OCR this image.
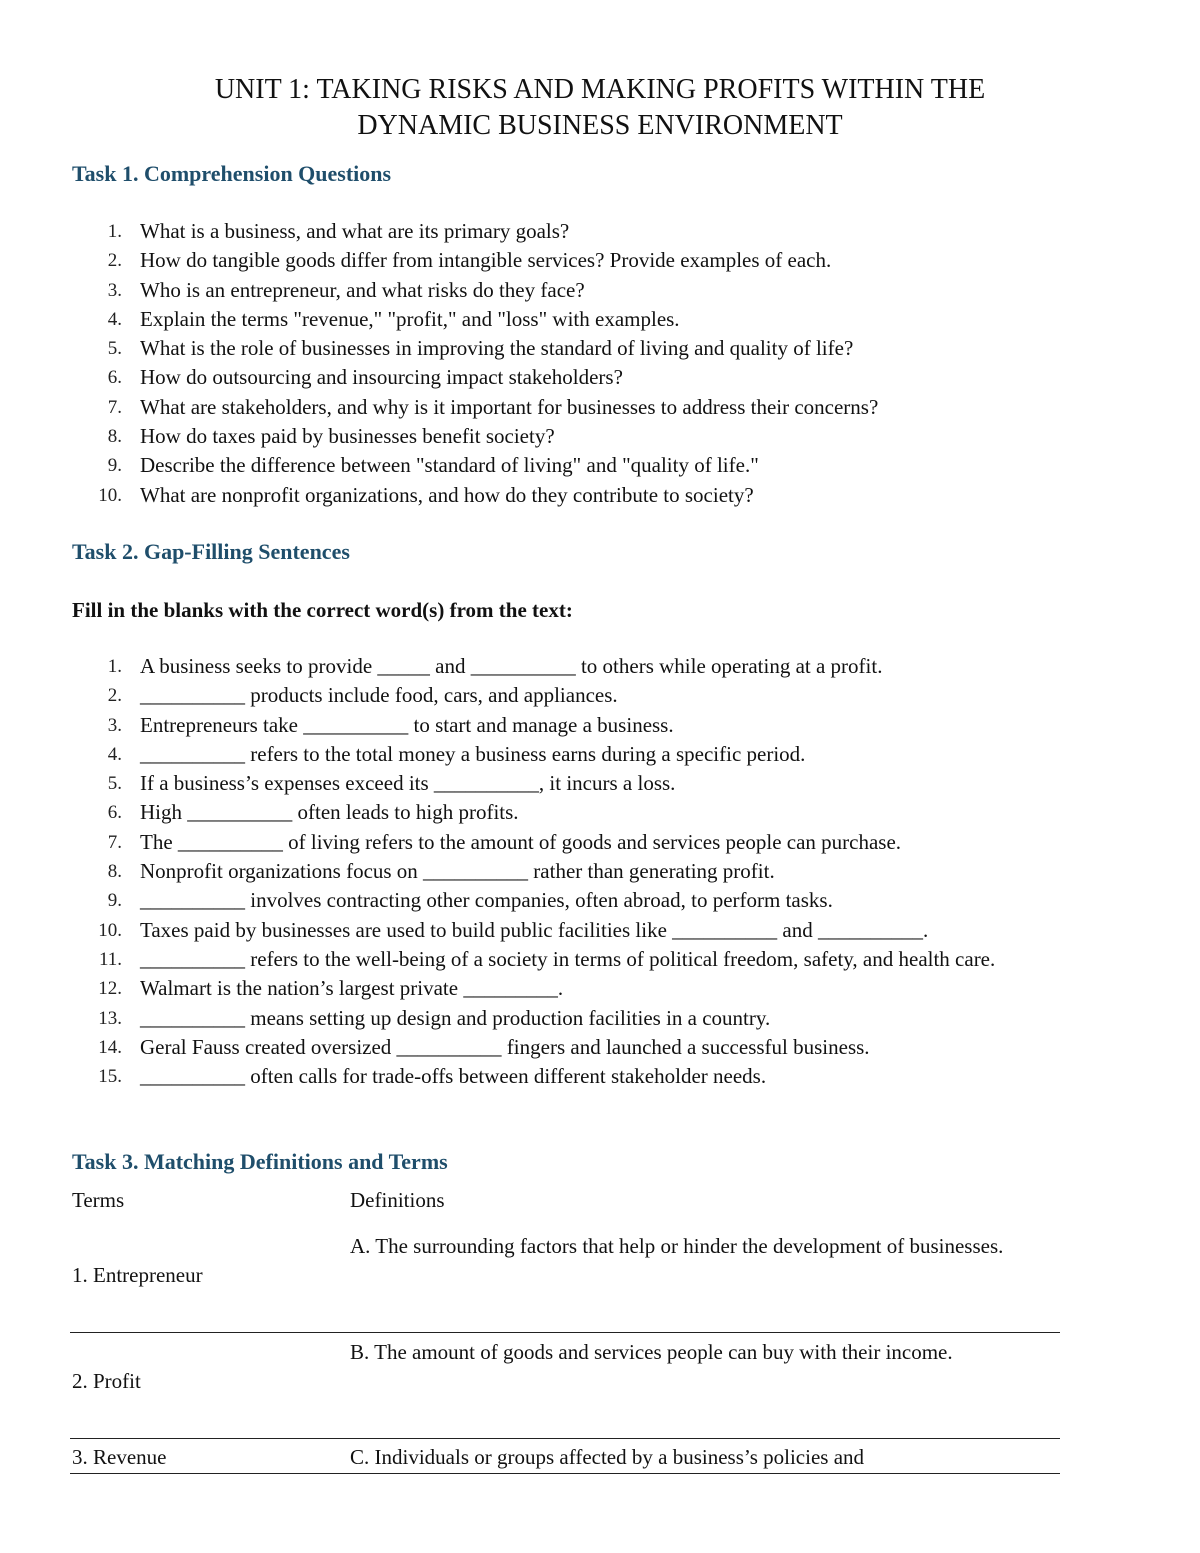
UNIT 1: TAKING RISKS AND MAKING PROFITS WITHIN THE
DYNAMIC BUSINESS ENVIRONMENT
Task 1. Comprehension Questions
1. What is a business, and what are its primary goals?
2. How do tangible goods differ from intangible services? Provide examples of each.
3. Who is an entrepreneur, and what risks do they face?
4. Explain the terms "revenue," "profit," and "loss" with examples.
5. What is the role of businesses in improving the standard of living and quality of life?
6. How do outsourcing and insourcing impact stakeholders?
7. What are stakeholders, and why is it important for businesses to address their concerns?
8. How do taxes paid by businesses benefit society?
9. Describe the difference between "standard of living" and "quality of life."
10. What are nonprofit organizations, and how do they contribute to society?
Task 2. Gap-Filling Sentences
Fill in the blanks with the correct word(s) from the text:
1. A business seeks to provide _____ and __________ to others while operating at a profit.
2. __________ products include food, cars, and appliances.
3. Entrepreneurs take __________ to start and manage a business.
4. __________ refers to the total money a business earns during a specific period.
5. If a business’s expenses exceed its __________, it incurs a loss.
6. High __________ often leads to high profits.
7. The __________ of living refers to the amount of goods and services people can purchase.
8. Nonprofit organizations focus on __________ rather than generating profit.
9. __________ involves contracting other companies, often abroad, to perform tasks.
10. Taxes paid by businesses are used to build public facilities like __________ and __________.
11. __________ refers to the well-being of a society in terms of political freedom, safety, and health care.
12. Walmart is the nation’s largest private _________.
13. __________ means setting up design and production facilities in a country.
14. Geral Fauss created oversized __________ fingers and launched a successful business.
15. __________ often calls for trade-offs between different stakeholder needs.
Task 3. Matching Definitions and Terms
Terms	Definitions
1. Entrepreneur
A. The surrounding factors that help or hinder the development of businesses.
2. Profit
B. The amount of goods and services people can buy with their income.
3. Revenue	C. Individuals or groups affected by a business’s policies and
